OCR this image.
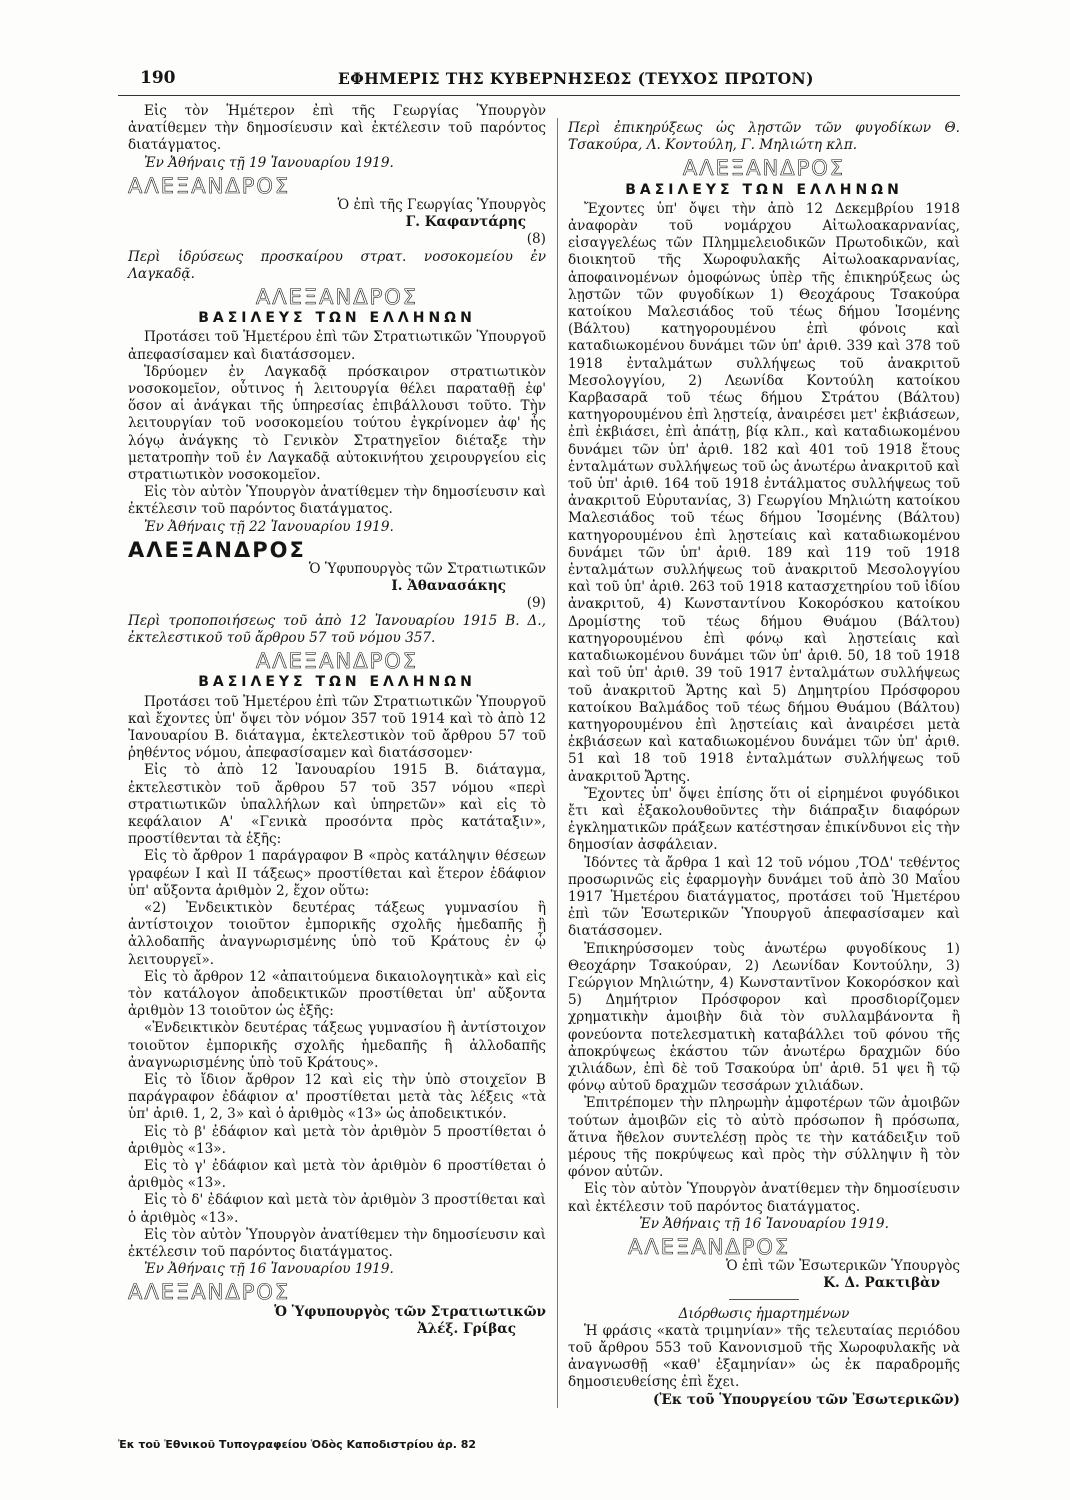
190	ΕΦΗΜΕΡΙΣ ΤΗΣ ΚΥΒΕΡΝΗΣΕΩΣ (ΤΕΥΧΟΣ ΠΡΩΤΟΝ)

Εἰς τὸν Ἡμέτερον ἐπὶ τῆς Γεωργίας Ὑπουργὸν ἀνατίθεμεν τὴν δημοσίευσιν καὶ ἐκτέλεσιν τοῦ παρόντος διατάγματος.

Ἐν Ἀθήναις τῇ 19 Ἰανουαρίου 1919.

ΑΛΕΞΑΝΔΡΟΣ
Ὁ ἐπὶ τῆς Γεωργίας Ὑπουργὸς
Γ. Καφαντάρης
(8)

Περὶ ἱδρύσεως προσκαίρου στρατ. νοσοκομείου ἐν Λαγκαδᾷ.

ΑΛΕΞΑΝΔΡΟΣ
ΒΑΣΙΛΕΥΣ ΤΩΝ ΕΛΛΗΝΩΝ

Προτάσει τοῦ Ἡμετέρου ἐπὶ τῶν Στρατιωτικῶν Ὑπουργοῦ ἀπεφασίσαμεν καὶ διατάσσομεν.

Ἱδρύομεν ἐν Λαγκαδᾷ πρόσκαιρον στρατιωτικὸν νοσοκομεῖον, οὗτινος ἡ λειτουργία θέλει παραταθῇ ἐφ' ὅσον αἱ ἀνάγκαι τῆς ὑπηρεσίας ἐπιβάλλουσι τοῦτο. Τὴν λειτουργίαν τοῦ νοσοκομείου τούτου ἐγκρίνομεν ἀφ' ἧς λόγῳ ἀνάγκης τὸ Γενικὸν Στρατηγεῖον διέταξε τὴν μετατροπὴν τοῦ ἐν Λαγκαδᾷ αὐτοκινήτου χειρουργείου εἰς στρατιωτικὸν νοσοκομεῖον.

Εἰς τὸν αὐτὸν Ὑπουργὸν ἀνατίθεμεν τὴν δημοσίευσιν καὶ ἐκτέλεσιν τοῦ παρόντος διατάγματος.

Ἐν Ἀθήναις τῇ 22 Ἰανουαρίου 1919.

ΑΛΕΞΑΝΔΡΟΣ
Ὁ Ὑφυπουργὸς τῶν Στρατιωτικῶν
Ι. Ἀθανασάκης
(9)

Περὶ τροποποιήσεως τοῦ ἀπὸ 12 Ἰανουαρίου 1915 Β. Δ., ἐκτελεστικοῦ τοῦ ἄρθρου 57 τοῦ νόμου 357.

ΑΛΕΞΑΝΔΡΟΣ
ΒΑΣΙΛΕΥΣ ΤΩΝ ΕΛΛΗΝΩΝ

Προτάσει τοῦ Ἡμετέρου ἐπὶ τῶν Στρατιωτικῶν Ὑπουργοῦ καὶ ἔχοντες ὑπ' ὄψει τὸν νόμον 357 τοῦ 1914 καὶ τὸ ἀπὸ 12 Ἰανουαρίου Β. διάταγμα, ἐκτελεστικὸν τοῦ ἄρθρου 57 τοῦ ῥηθέντος νόμου, ἀπεφασίσαμεν καὶ διατάσσομεν·

Εἰς τὸ ἀπὸ 12 Ἰανουαρίου 1915 Β. διάταγμα, ἐκτελεστικὸν τοῦ ἄρθρου 57 τοῦ 357 νόμου «περὶ στρατιωτικῶν ὑπαλλήλων καὶ ὑπηρετῶν» καὶ εἰς τὸ κεφάλαιον Α' «Γενικὰ προσόντα πρὸς κατάταξιν», προστίθενται τὰ ἑξῆς:

Εἰς τὸ ἄρθρον 1 παράγραφον Β «πρὸς κατάληψιν θέσεων γραφέων Ι καὶ ΙΙ τάξεως» προστίθεται καὶ ἕτερον ἐδάφιον ὑπ' αὔξοντα ἀριθμὸν 2, ἔχον οὕτω:

«2) Ἐνδεικτικὸν δευτέρας τάξεως γυμνασίου ἢ ἀντίστοιχον τοιοῦτον ἐμπορικῆς σχολῆς ἡμεδαπῆς ἢ ἀλλοδαπῆς ἀναγνωρισμένης ὑπὸ τοῦ Κράτους ἐν ᾧ λειτουργεῖ».

Εἰς τὸ ἄρθρον 12 «ἀπαιτούμενα δικαιολογητικὰ» καὶ εἰς τὸν κατάλογον ἀποδεικτικῶν προστίθεται ὑπ' αὔξοντα ἀριθμὸν 13 τοιοῦτον ὡς ἑξῆς:

«Ἐνδεικτικὸν δευτέρας τάξεως γυμνασίου ἢ ἀντίστοιχον τοιοῦτον ἐμπορικῆς σχολῆς ἡμεδαπῆς ἢ ἀλλοδαπῆς ἀναγνωρισμένης ὑπὸ τοῦ Κράτους».

Εἰς τὸ ἴδιον ἄρθρον 12 καὶ εἰς τὴν ὑπὸ στοιχεῖον Β παράγραφον ἐδάφιον α' προστίθεται μετὰ τὰς λέξεις «τὰ ὑπ' ἀριθ. 1, 2, 3» καὶ ὁ ἀριθμὸς «13» ὡς ἀποδεικτικόν.

Εἰς τὸ β' ἐδάφιον καὶ μετὰ τὸν ἀριθμὸν 5 προστίθεται ὁ ἀριθμὸς «13».

Εἰς τὸ γ' ἐδάφιον καὶ μετὰ τὸν ἀριθμὸν 6 προστίθεται ὁ ἀριθμὸς «13».

Εἰς τὸ δ' ἐδάφιον καὶ μετὰ τὸν ἀριθμὸν 3 προστίθεται καὶ ὁ ἀριθμὸς «13».

Εἰς τὸν αὐτὸν Ὑπουργὸν ἀνατίθεμεν τὴν δημοσίευσιν καὶ ἐκτέλεσιν τοῦ παρόντος διατάγματος.

Ἐν Ἀθήναις τῇ 16 Ἰανουαρίου 1919.

ΑΛΕΞΑΝΔΡΟΣ
Ὁ Ὑφυπουργὸς τῶν Στρατιωτικῶν
Ἀλέξ. Γρίβας

Περὶ ἐπικηρύξεως ὡς λῃστῶν τῶν φυγοδίκων Θ. Τσακούρα, Λ. Κοντούλη, Γ. Μηλιώτη κλπ.

ΑΛΕΞΑΝΔΡΟΣ
ΒΑΣΙΛΕΥΣ ΤΩΝ ΕΛΛΗΝΩΝ

Ἔχοντες ὑπ' ὄψει τὴν ἀπὸ 12 Δεκεμβρίου 1918 ἀναφορὰν τοῦ νομάρχου Αἰτωλοακαρνανίας, εἰσαγγελέως τῶν Πλημμελειοδικῶν Πρωτοδικῶν, καὶ διοικητοῦ τῆς Χωροφυλακῆς Αἰτωλοακαρνανίας, ἀποφαινομένων ὁμοφώνως ὑπὲρ τῆς ἐπικηρύξεως ὡς λῃστῶν τῶν φυγοδίκων 1) Θεοχάρους Τσακούρα κατοίκου Μαλεσιάδος τοῦ τέως δήμου Ἰσομένης (Βάλτου) κατηγορουμένου ἐπὶ φόνοις καὶ καταδιωκομένου δυνάμει τῶν ὑπ' ἀριθ. 339 καὶ 378 τοῦ 1918 ἐνταλμάτων συλλήψεως τοῦ ἀνακριτοῦ Μεσολογγίου, 2) Λεωνίδα Κοντούλη κατοίκου Καρβασαρᾶ τοῦ τέως δήμου Στράτου (Βάλτου) κατηγορουμένου ἐπὶ λῃστείᾳ, ἀναιρέσει μετ' ἐκβιάσεων, ἐπὶ ἐκβιάσει, ἐπὶ ἀπάτῃ, βίᾳ κλπ., καὶ καταδιωκομένου δυνάμει τῶν ὑπ' ἀριθ. 182 καὶ 401 τοῦ 1918 ἔτους ἐνταλμάτων συλλήψεως τοῦ ὡς ἀνωτέρω ἀνακριτοῦ καὶ τοῦ ὑπ' ἀριθ. 164 τοῦ 1918 ἐντάλματος συλλήψεως τοῦ ἀνακριτοῦ Εὐρυτανίας, 3) Γεωργίου Μηλιώτη κατοίκου Μαλεσιάδος τοῦ τέως δήμου Ἰσομένης (Βάλτου) κατηγορουμένου ἐπὶ λῃστείαις καὶ καταδιωκομένου δυνάμει τῶν ὑπ' ἀριθ. 189 καὶ 119 τοῦ 1918 ἐνταλμάτων συλλήψεως τοῦ ἀνακριτοῦ Μεσολογγίου καὶ τοῦ ὑπ' ἀριθ. 263 τοῦ 1918 κατασχετηρίου τοῦ ἰδίου ἀνακριτοῦ, 4) Κωνσταντίνου Κοκορόσκου κατοίκου Δρομίστης τοῦ τέως δήμου Θυάμου (Βάλτου) κατηγορουμένου ἐπὶ φόνῳ καὶ λῃστείαις καὶ καταδιωκομένου δυνάμει τῶν ὑπ' ἀριθ. 50, 18 τοῦ 1918 καὶ τοῦ ὑπ' ἀριθ. 39 τοῦ 1917 ἐνταλμάτων συλλήψεως τοῦ ἀνακριτοῦ Ἄρτης καὶ 5) Δημητρίου Πρόσφορου κατοίκου Βαλμάδος τοῦ τέως δήμου Θυάμου (Βάλτου) κατηγορουμένου ἐπὶ λῃστείαις καὶ ἀναιρέσει μετὰ ἐκβιάσεων καὶ καταδιωκομένου δυνάμει τῶν ὑπ' ἀριθ. 51 καὶ 18 τοῦ 1918 ἐνταλμάτων συλλήψεως τοῦ ἀνακριτοῦ Ἄρτης.

Ἔχοντες ὑπ' ὄψει ἐπίσης ὅτι οἱ εἰρημένοι φυγόδικοι ἔτι καὶ ἐξακολουθοῦντες τὴν διάπραξιν διαφόρων ἐγκληματικῶν πράξεων κατέστησαν ἐπικίνδυνοι εἰς τὴν δημοσίαν ἀσφάλειαν.

Ἰδόντες τὰ ἄρθρα 1 καὶ 12 τοῦ νόμου ,ΤΟΔ' τεθέντος προσωρινῶς εἰς ἐφαρμογὴν δυνάμει τοῦ ἀπὸ 30 Μαΐου 1917 Ἡμετέρου διατάγματος, προτάσει τοῦ Ἡμετέρου ἐπὶ τῶν Ἐσωτερικῶν Ὑπουργοῦ ἀπεφασίσαμεν καὶ διατάσσομεν.

Ἐπικηρύσσομεν τοὺς ἀνωτέρω φυγοδίκους 1) Θεοχάρην Τσακούραν, 2) Λεωνίδαν Κοντούλην, 3) Γεώργιον Μηλιώτην, 4) Κωνσταντῖνον Κοκορόσκον καὶ 5) Δημήτριον Πρόσφορον καὶ προσδιορίζομεν χρηματικὴν ἀμοιβὴν διὰ τὸν συλλαμβάνοντα ἢ φονεύοντα ποτελεσματικὴ καταβάλλει τοῦ φόνου τῆς ἀποκρύψεως ἑκάστου τῶν ἀνωτέρω δραχμῶν δύο χιλιάδων, ἐπὶ δὲ τοῦ Τσακούρα ὑπ' ἀριθ. 51 ψει ἢ τῷ φόνῳ αὐτοῦ δραχμῶν τεσσάρων χιλιάδων.

Ἐπιτρέπομεν τὴν πληρωμὴν ἀμφοτέρων τῶν ἀμοιβῶν τούτων ἀμοιβῶν εἰς τὸ αὐτὸ πρόσωπον ἢ πρόσωπα, ἅτινα ἤθελον συντελέσῃ πρὸς τε τὴν κατάδειξιν τοῦ μέρους τῆς ποκρύψεως καὶ πρὸς τὴν σύλληψιν ἢ τὸν φόνον αὐτῶν.

Εἰς τὸν αὐτὸν Ὑπουργὸν ἀνατίθεμεν τὴν δημοσίευσιν καὶ ἐκτέλεσιν τοῦ παρόντος διατάγματος.

Ἐν Ἀθήναις τῇ 16 Ἰανουαρίου 1919.

ΑΛΕΞΑΝΔΡΟΣ
Ὁ ἐπὶ τῶν Ἐσωτερικῶν Ὑπουργὸς
Κ. Δ. Ρακτιβὰν
Διόρθωσις ἡμαρτημένων

Ἡ φράσις «κατὰ τριμηνίαν» τῆς τελευταίας περιόδου τοῦ ἄρθρου 553 τοῦ Κανονισμοῦ τῆς Χωροφυλακῆς νὰ ἀναγνωσθῇ «καθ' ἑξαμηνίαν» ὡς ἐκ παραδρομῆς δημοσιευθείσης ἐπὶ ἔχει.

(Ἐκ τοῦ Ὑπουργείου τῶν Ἐσωτερικῶν)
Ἐκ τοῦ Ἐθνικοῦ Τυπογραφείου Ὁδὸς Καποδιστρίου ἀρ. 82
